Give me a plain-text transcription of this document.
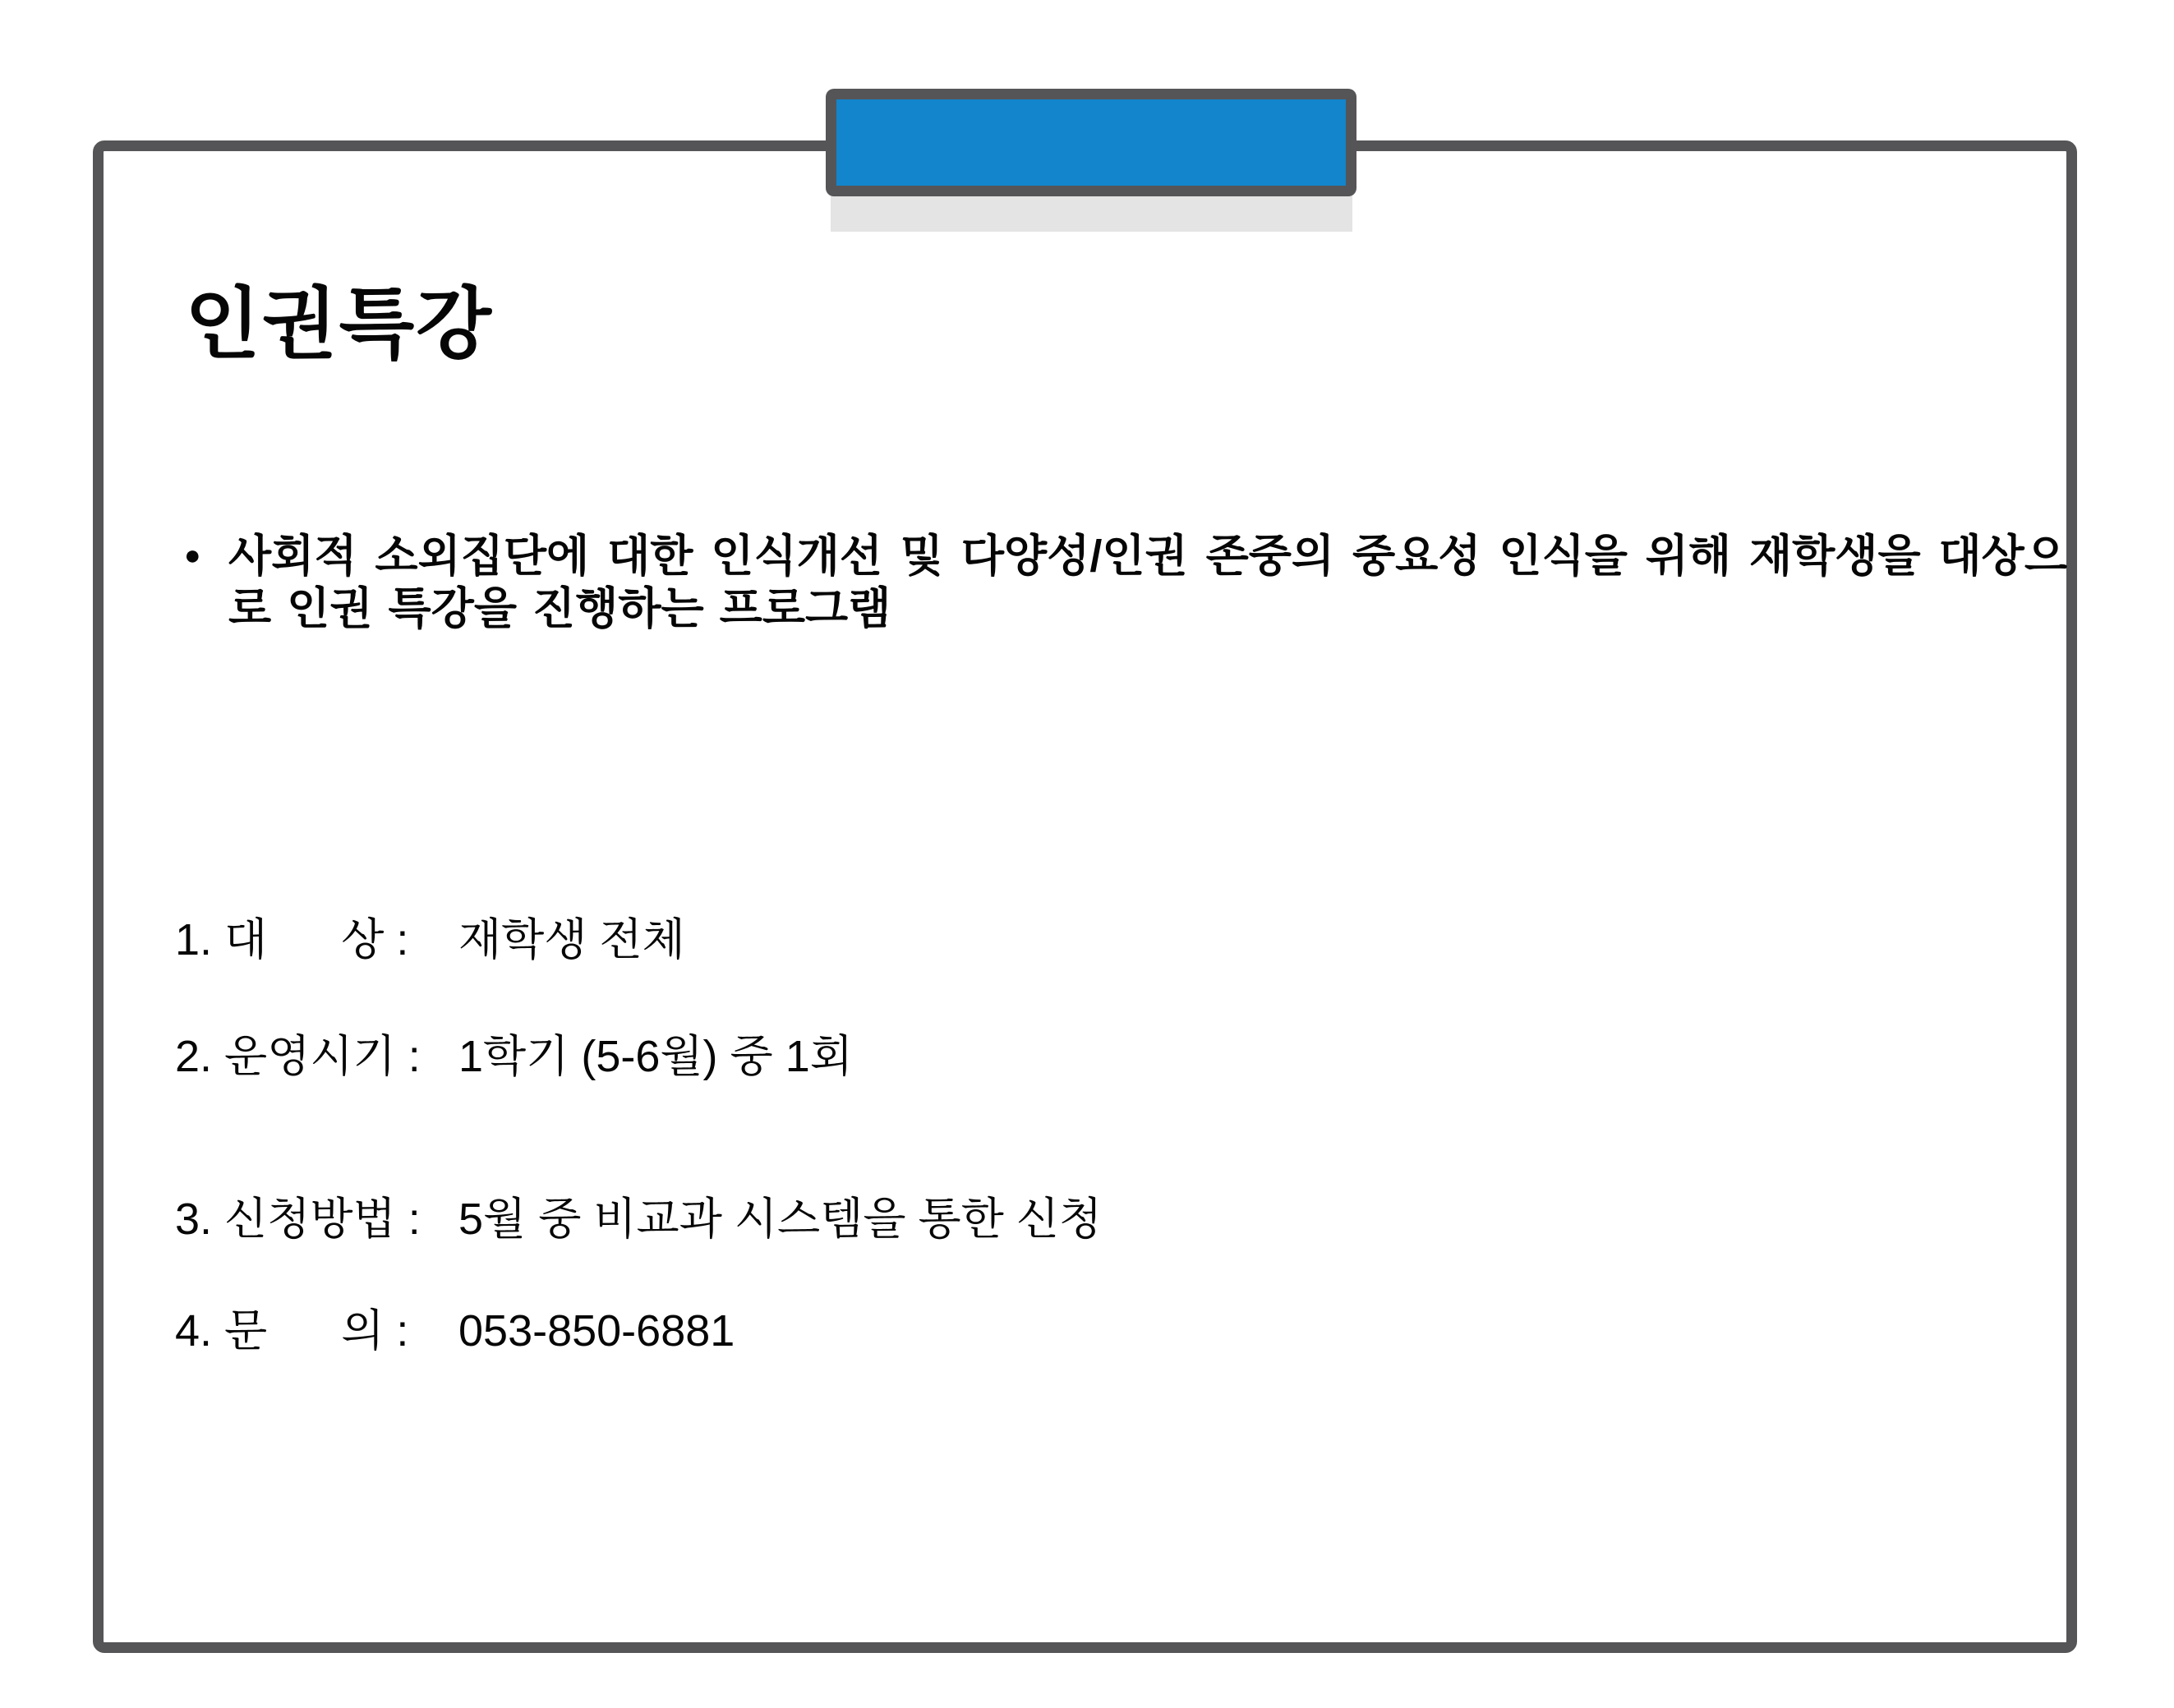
인권특강
● 사회적 소외집단에 대한 인식개선 및 다양성/인권 존중의 중요성 인식을 위해 재학생을 대상으로 인권 특강을 진행하는 프로그램

1. 대      상 :	재학생 전체
2. 운영시기 : 1학기 (5-6월) 중 1회
3. 신청방법 : 5월 중 비교과 시스템을 통한 신청
4. 문      의 :	053-850-6881
